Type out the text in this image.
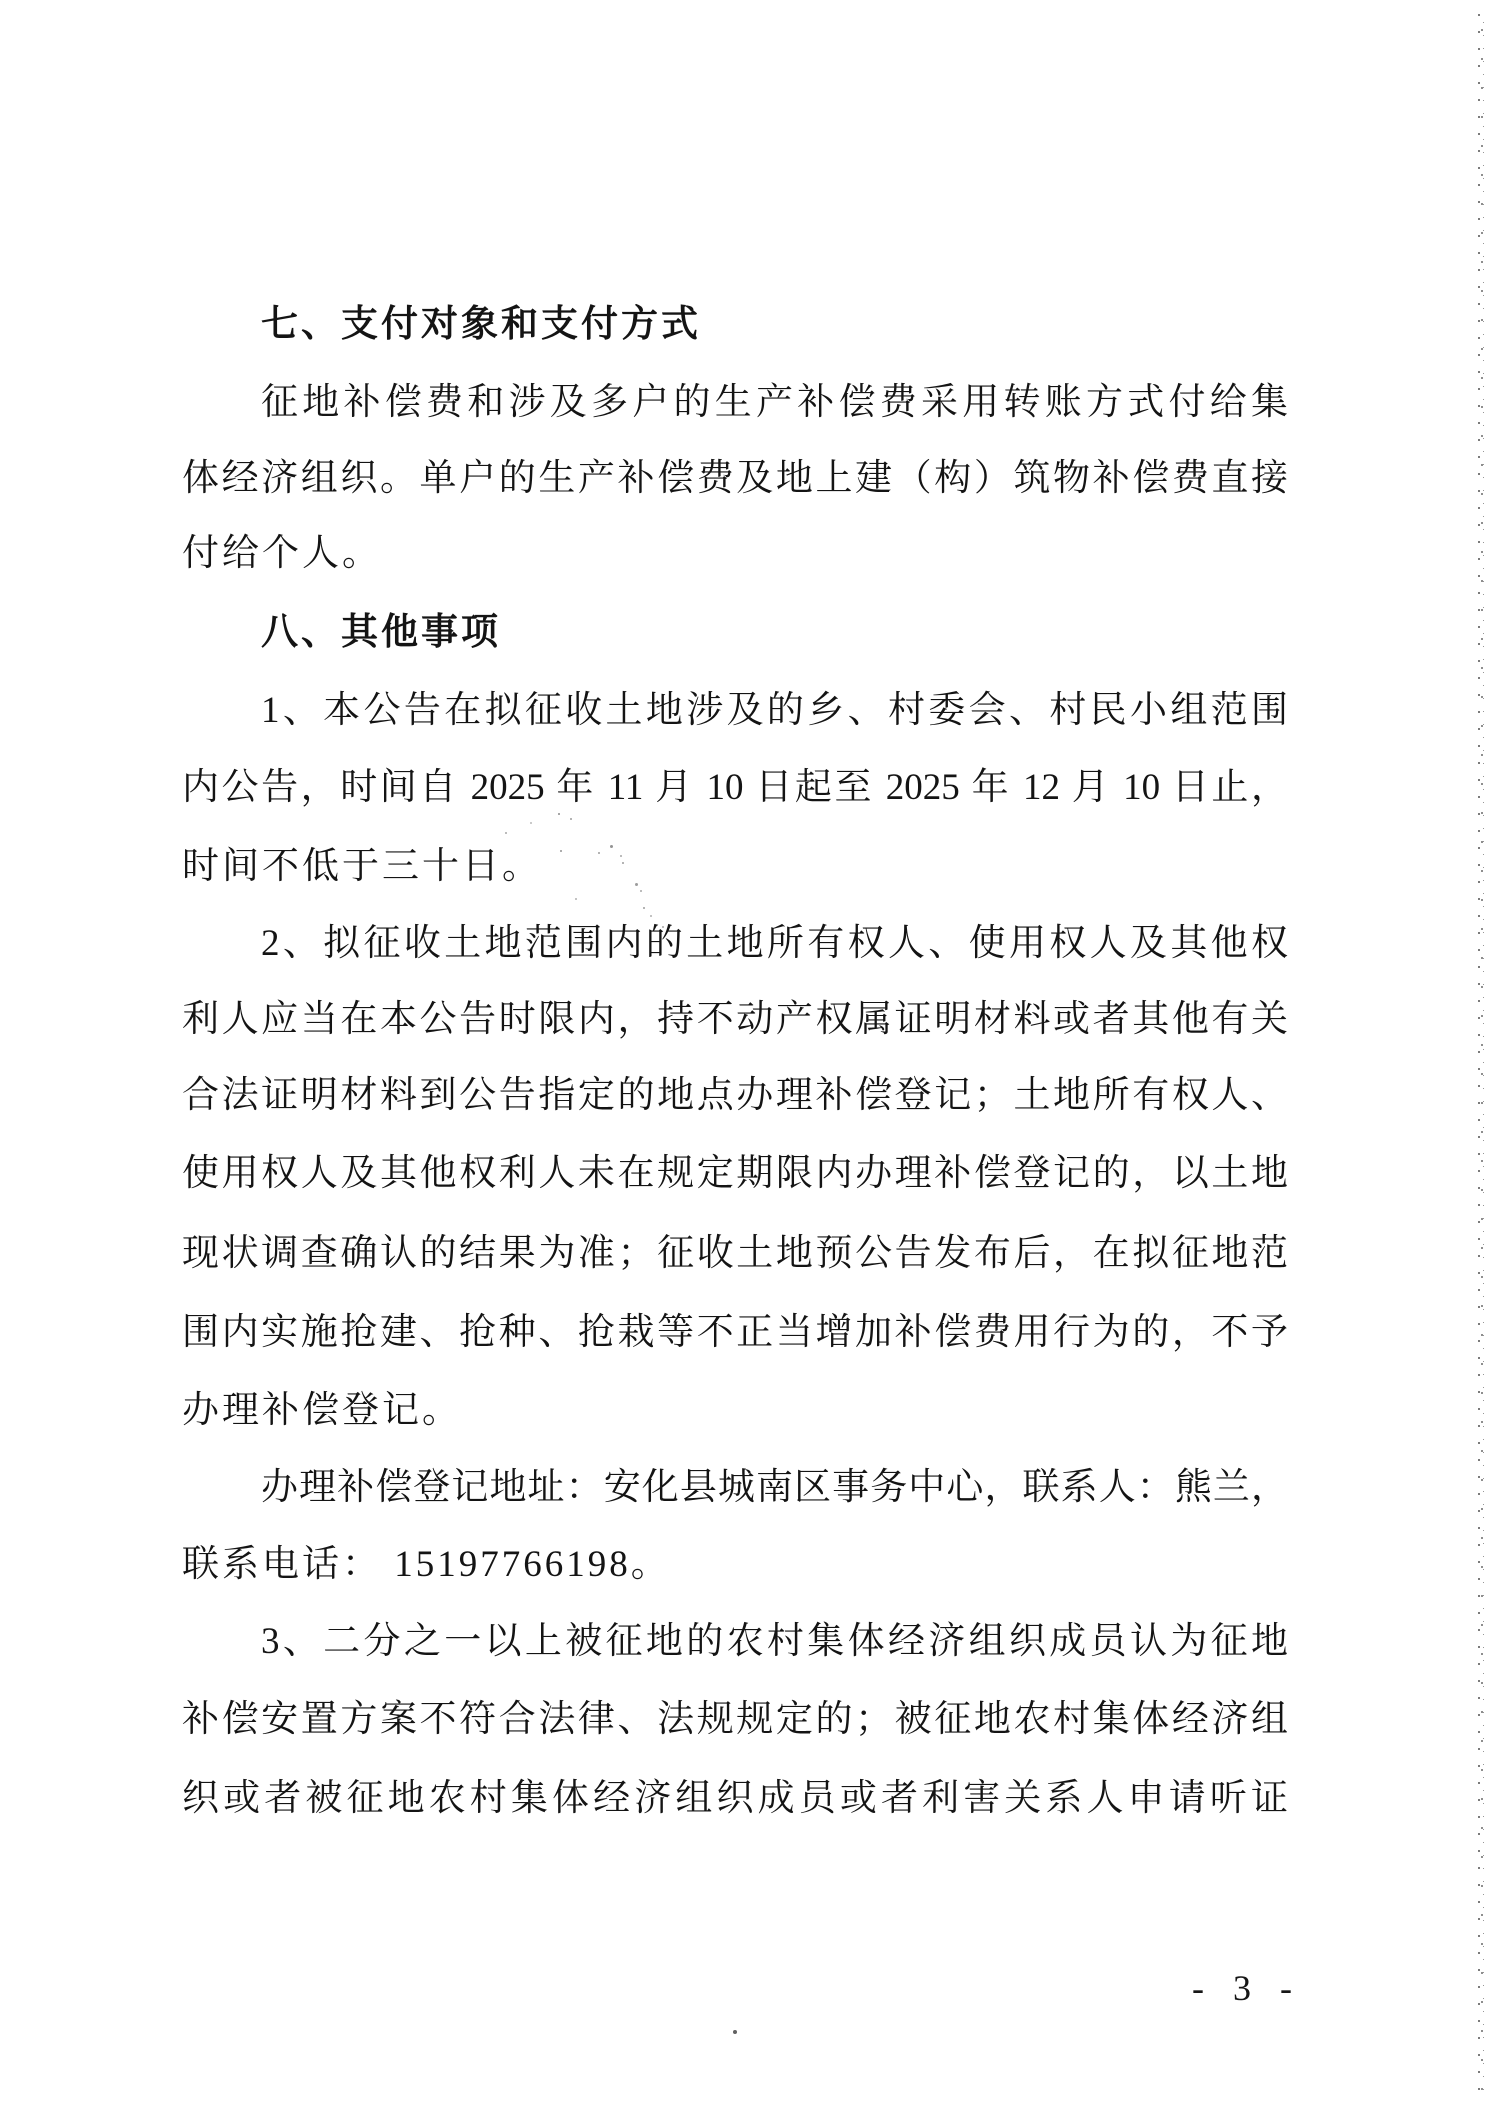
七、支付对象和支付方式
征地补偿费和涉及多户的生产补偿费采用转账方式付给集
体经济组织。单户的生产补偿费及地上建（构）筑物补偿费直接
付给个人。
八、其他事项
1、本公告在拟征收土地涉及的乡、村委会、村民小组范围
内公告，时间自 2025 年 11 月 10 日起至 2025 年 12 月 10 日止，
时间不低于三十日。
2、拟征收土地范围内的土地所有权人、使用权人及其他权
利人应当在本公告时限内，持不动产权属证明材料或者其他有关
合法证明材料到公告指定的地点办理补偿登记；土地所有权人、
使用权人及其他权利人未在规定期限内办理补偿登记的，以土地
现状调查确认的结果为准；征收土地预公告发布后，在拟征地范
围内实施抢建、抢种、抢栽等不正当增加补偿费用行为的，不予
办理补偿登记。
办理补偿登记地址：安化县城南区事务中心，联系人：熊兰，
联系电话： 15197766198。
3、二分之一以上被征地的农村集体经济组织成员认为征地
补偿安置方案不符合法律、法规规定的；被征地农村集体经济组
织或者被征地农村集体经济组织成员或者利害关系人申请听证
- 3 -
